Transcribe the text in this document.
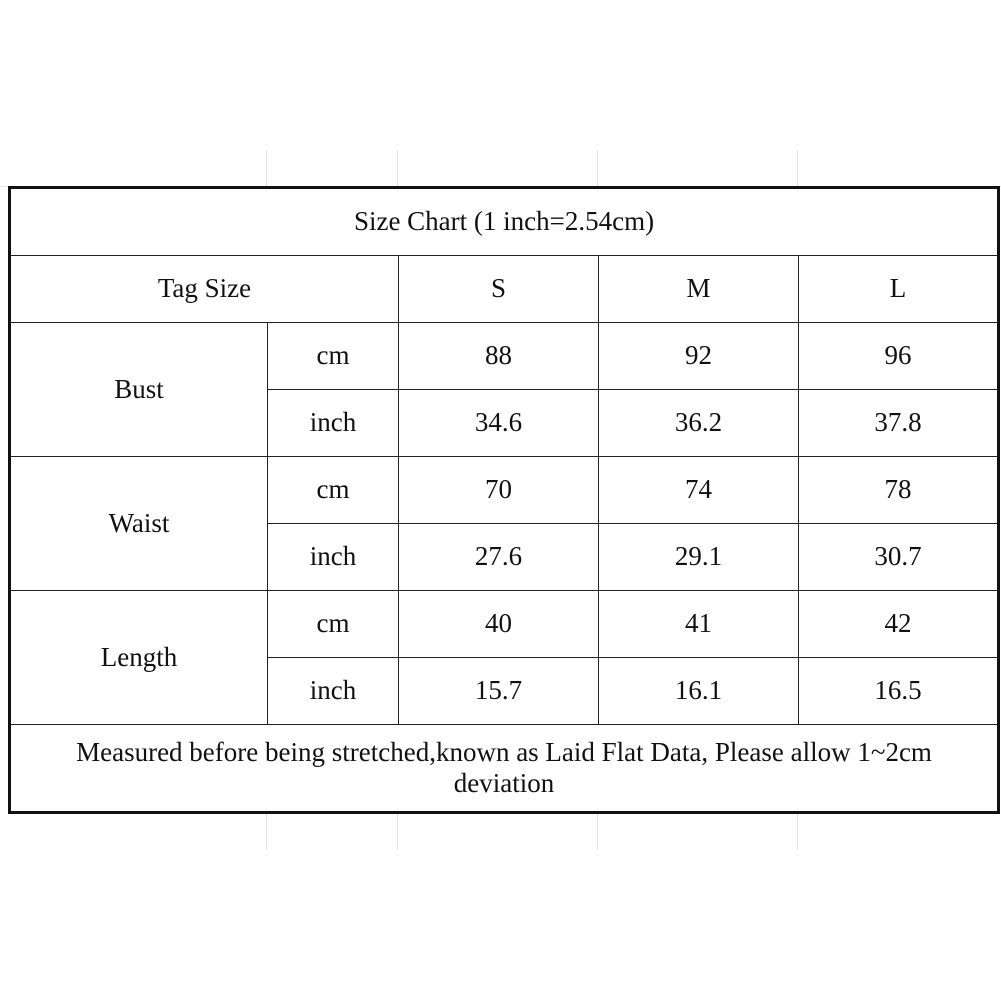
Size Chart (1 inch=2.54cm)				
Tag Size		S	M	L
Bust	cm	88	92	96
	inch	34.6	36.2	37.8
Waist	cm	70	74	78
	inch	27.6	29.1	30.7
Length	cm	40	41	42
	inch	15.7	16.1	16.5
Measured before being stretched,known as Laid Flat Data, Please allow 1~2cm deviation				
